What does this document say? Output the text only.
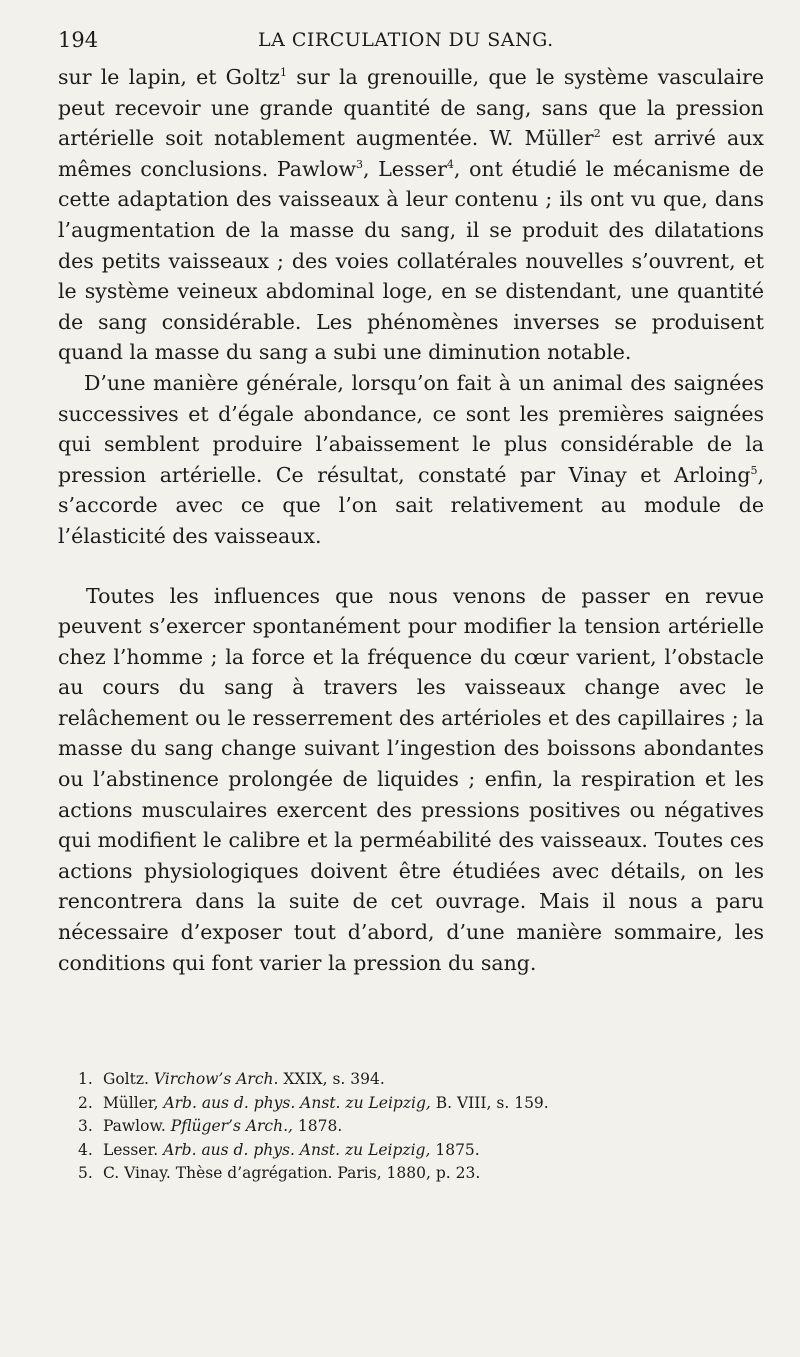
194	LA CIRCULATION DU SANG.

sur le lapin, et Goltz$^1$ sur la grenouille, que le système vasculaire peut recevoir une grande quantité de sang, sans que la pression artérielle soit notablement augmentée. W. Müller$^2$ est arrivé aux mêmes conclusions. Pawlow$^3$, Lesser$^4$, ont étudié le mécanisme de cette adaptation des vaisseaux à leur contenu ; ils ont vu que, dans l’augmentation de la masse du sang, il se produit des dilatations des petits vaisseaux ; des voies collatérales nouvelles s’ouvrent, et le système veineux abdominal loge, en se distendant, une quantité de sang considérable. Les phénomènes inverses se produisent quand la masse du sang a subi une diminution notable.

D’une manière générale, lorsqu’on fait à un animal des saignées successives et d’égale abondance, ce sont les premières saignées qui semblent produire l’abaissement le plus considérable de la pression artérielle. Ce résultat, constaté par Vinay et Arloing$^5$, s’accorde avec ce que l’on sait relativement au module de l’élasticité des vaisseaux.

Toutes les influences que nous venons de passer en revue peuvent s’exercer spontanément pour modifier la tension artérielle chez l’homme ; la force et la fréquence du cœur varient, l’obstacle au cours du sang à travers les vaisseaux change avec le relâchement ou le resserrement des artérioles et des capillaires ; la masse du sang change suivant l’ingestion des boissons abondantes ou l’abstinence prolongée de liquides ; enfin, la respiration et les actions musculaires exercent des pressions positives ou négatives qui modifient le calibre et la perméabilité des vaisseaux. Toutes ces actions physiologiques doivent être étudiées avec détails, on les rencontrera dans la suite de cet ouvrage. Mais il nous a paru nécessaire d’exposer tout d’abord, d’une manière sommaire, les conditions qui font varier la pression du sang.

1. Goltz. Virchow’s Arch. XXIX, s. 394.
2. Müller, Arb. aus d. phys. Anst. zu Leipzig, B. VIII, s. 159.
3. Pawlow. Pflüger’s Arch., 1878.
4. Lesser. Arb. aus d. phys. Anst. zu Leipzig, 1875.
5. C. Vinay. Thèse d’agrégation. Paris, 1880, p. 23.
